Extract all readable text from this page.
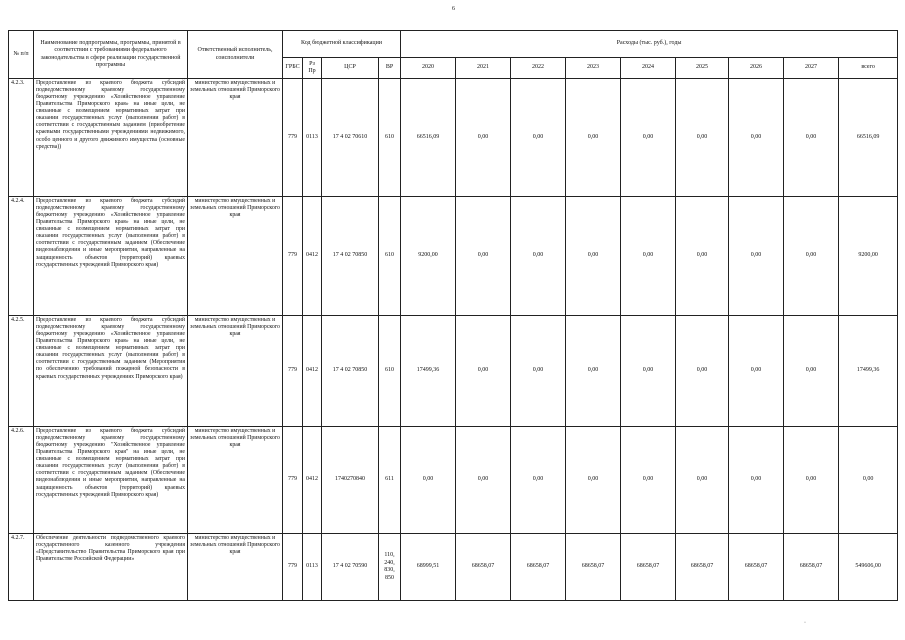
6
№ п/п	Наименование подпрограммы, программы, принятой в соответствии с требованиями федерального законодательства в сфере реализации государственной программы	Ответственный исполнитель, соисполнители	Код бюджетной классификации				Расходы (тыс. руб.), годы								
			ГРБС	Рз Пр	ЦСР	ВР	2020	2021	2022	2023	2024	2025	2026	2027	всего
4.2.3.	Предоставление из краевого бюджета субсидий подведомственному краевому государственному бюджетному учреждению «Хозяйственное управление Правительства Приморского края» на иные цели, не связанные с возмещением нормативных затрат при оказании государственных услуг (выполнении работ) в соответствии с государственным заданием (приобретение краевыми государственными учреждениями недвижимого, особо ценного и другого движимого имущества (основные средства))	министерство имущественных и земельных отношений Приморского края	779	0113	17 4 02 70610	610	66516,09	0,00	0,00	0,00	0,00	0,00	0,00	0,00	66516,09
4.2.4.	Предоставление из краевого бюджета субсидий подведомственному краевому государственному бюджетному учреждению «Хозяйственное управление Правительства Приморского края» на иные цели, не связанные с возмещением нормативных затрат при оказании государственных услуг (выполнении работ) в соответствии с государственным заданием (Обеспечение видеонаблюдения и иные мероприятия, направленные на защищенность объектов (территорий) краевых государственных учреждений Приморского края)	министерство имущественных и земельных отношений Приморского края	779	0412	17 4 02 70850	610	9200,00	0,00	0,00	0,00	0,00	0,00	0,00	0,00	9200,00
4.2.5.	Предоставление из краевого бюджета субсидий подведомственному краевому государственному бюджетному учреждению «Хозяйственное управление Правительства Приморского края» на иные цели, не связанные с возмещением нормативных затрат при оказании государственных услуг (выполнении работ) в соответствии с государственным заданием (Мероприятия по обеспечению требований пожарной безопасности в краевых государственных учреждениях Приморского края)	министерство имущественных и земельных отношений Приморского края	779	0412	17 4 02 70850	610	17499,36	0,00	0,00	0,00	0,00	0,00	0,00	0,00	17499,36
4.2.6.	Предоставление из краевого бюджета субсидий подведомственному краевому государственному бюджетному учреждению "Хозяйственное управление Правительства Приморского края" на иные цели, не связанные с возмещением нормативных затрат при оказании государственных услуг (выполнении работ) в соответствии с государственным заданием (Обеспечение видеонаблюдения и иные мероприятия, направленные на защищенность объектов (территорий) краевых государственных учреждений Приморского края)	министерство имущественных и земельных отношений Приморского края	779	0412	1740270840	611	0,00	0,00	0,00	0,00	0,00	0,00	0,00	0,00	0,00
4.2.7.	Обеспечение деятельности подведомственного краевого государственного казенного учреждения «Представительство Правительства Приморского края при Правительстве Российской Федерации»	министерство имущественных и земельных отношений Приморского края	779	0113	17 4 02 70590	110, 240, 830, 850	68999,51	68658,07	68658,07	68658,07	68658,07	68658,07	68658,07	68658,07	549606,00
·
